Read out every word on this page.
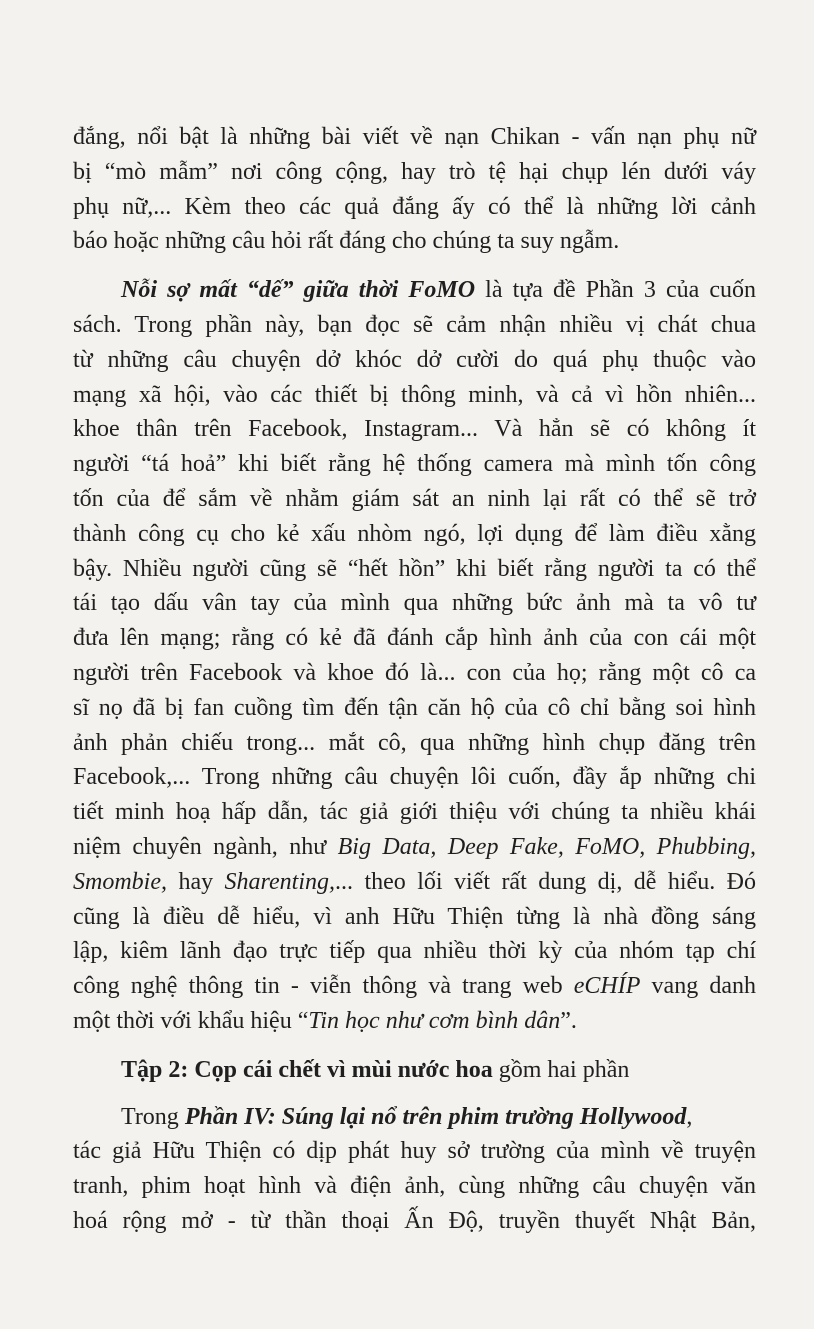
đắng, nổi bật là những bài viết về nạn Chikan - vấn nạn phụ nữ
bị “mò mẫm” nơi công cộng, hay trò tệ hại chụp lén dưới váy
phụ nữ,... Kèm theo các quả đắng ấy có thể là những lời cảnh
báo hoặc những câu hỏi rất đáng cho chúng ta suy ngẫm.
Nỗi sợ mất “dế” giữa thời FoMO là tựa đề Phần 3 của cuốn
sách. Trong phần này, bạn đọc sẽ cảm nhận nhiều vị chát chua
từ những câu chuyện dở khóc dở cười do quá phụ thuộc vào
mạng xã hội, vào các thiết bị thông minh, và cả vì hồn nhiên...
khoe thân trên Facebook, Instagram... Và hẳn sẽ có không ít
người “tá hoả” khi biết rằng hệ thống camera mà mình tốn công
tốn của để sắm về nhằm giám sát an ninh lại rất có thể sẽ trở
thành công cụ cho kẻ xấu nhòm ngó, lợi dụng để làm điều xằng
bậy. Nhiều người cũng sẽ “hết hồn” khi biết rằng người ta có thể
tái tạo dấu vân tay của mình qua những bức ảnh mà ta vô tư
đưa lên mạng; rằng có kẻ đã đánh cắp hình ảnh của con cái một
người trên Facebook và khoe đó là... con của họ; rằng một cô ca
sĩ nọ đã bị fan cuồng tìm đến tận căn hộ của cô chỉ bằng soi hình
ảnh phản chiếu trong... mắt cô, qua những hình chụp đăng trên
Facebook,... Trong những câu chuyện lôi cuốn, đầy ắp những chi
tiết minh hoạ hấp dẫn, tác giả giới thiệu với chúng ta nhiều khái
niệm chuyên ngành, như Big Data, Deep Fake, FoMO, Phubbing,
Smombie, hay Sharenting,... theo lối viết rất dung dị, dễ hiểu. Đó
cũng là điều dễ hiểu, vì anh Hữu Thiện từng là nhà đồng sáng
lập, kiêm lãnh đạo trực tiếp qua nhiều thời kỳ của nhóm tạp chí
công nghệ thông tin - viễn thông và trang web eCHÍP vang danh
một thời với khẩu hiệu “Tin học như cơm bình dân”.
Tập 2: Cọp cái chết vì mùi nước hoa gồm hai phần
Trong Phần IV: Súng lại nổ trên phim trường Hollywood,
tác giả Hữu Thiện có dịp phát huy sở trường của mình về truyện
tranh, phim hoạt hình và điện ảnh, cùng những câu chuyện văn
hoá rộng mở - từ thần thoại Ấn Độ, truyền thuyết Nhật Bản,
